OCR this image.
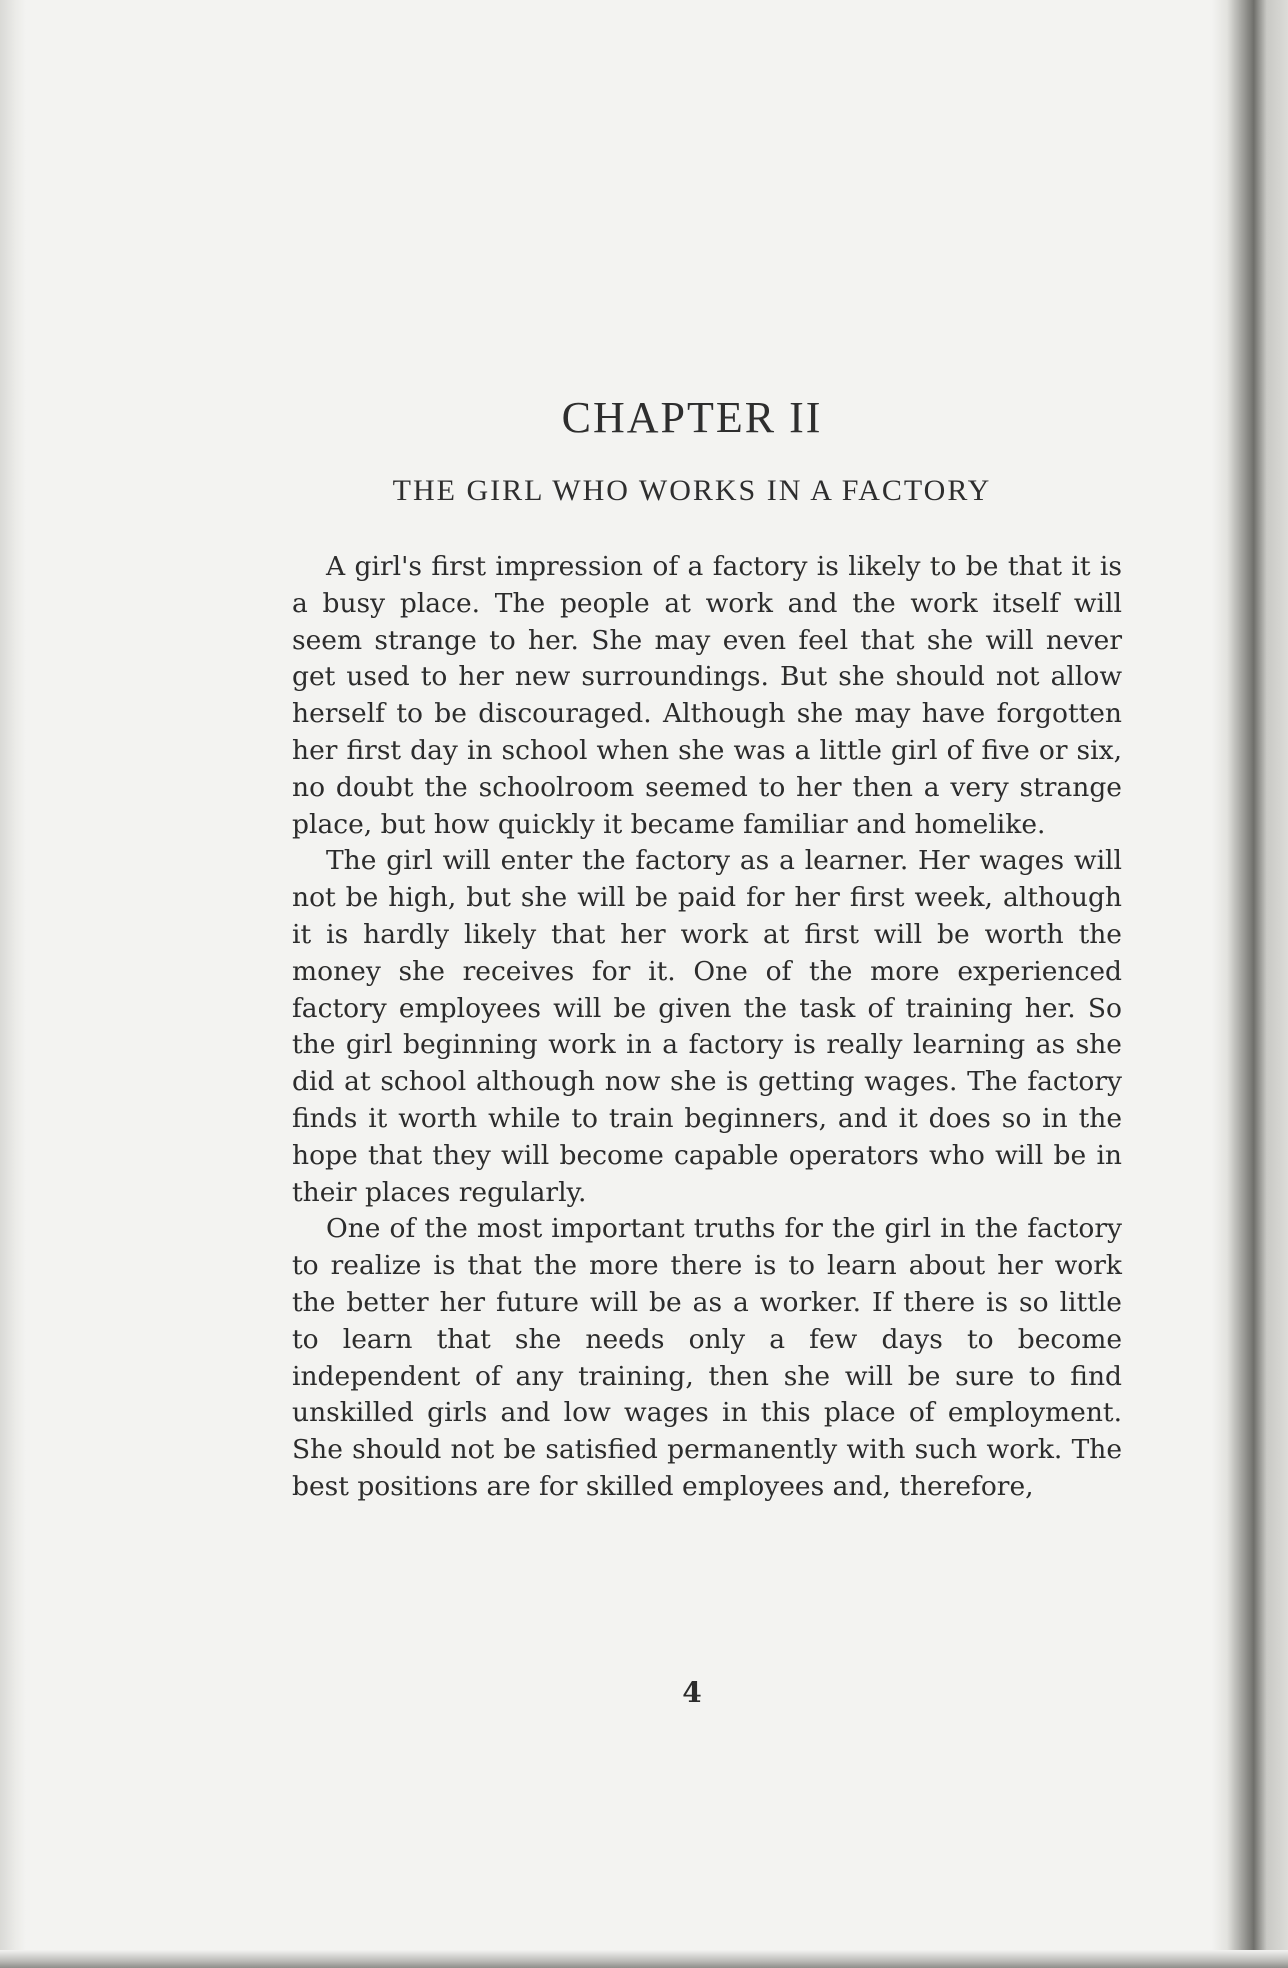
CHAPTER II
THE GIRL WHO WORKS IN A FACTORY

A girl's first impression of a factory is likely to be that it is a busy place. The people at work and the work itself will seem strange to her. She may even feel that she will never get used to her new surroundings. But she should not allow herself to be discouraged. Although she may have forgotten her first day in school when she was a little girl of five or six, no doubt the schoolroom seemed to her then a very strange place, but how quickly it became familiar and homelike.

The girl will enter the factory as a learner. Her wages will not be high, but she will be paid for her first week, although it is hardly likely that her work at first will be worth the money she receives for it. One of the more experienced factory employees will be given the task of training her. So the girl beginning work in a factory is really learning as she did at school although now she is getting wages. The factory finds it worth while to train beginners, and it does so in the hope that they will become capable operators who will be in their places regularly.

One of the most important truths for the girl in the factory to realize is that the more there is to learn about her work the better her future will be as a worker. If there is so little to learn that she needs only a few days to become independent of any training, then she will be sure to find unskilled girls and low wages in this place of employment. She should not be satisfied permanently with such work. The best positions are for skilled employees and, therefore,

4
